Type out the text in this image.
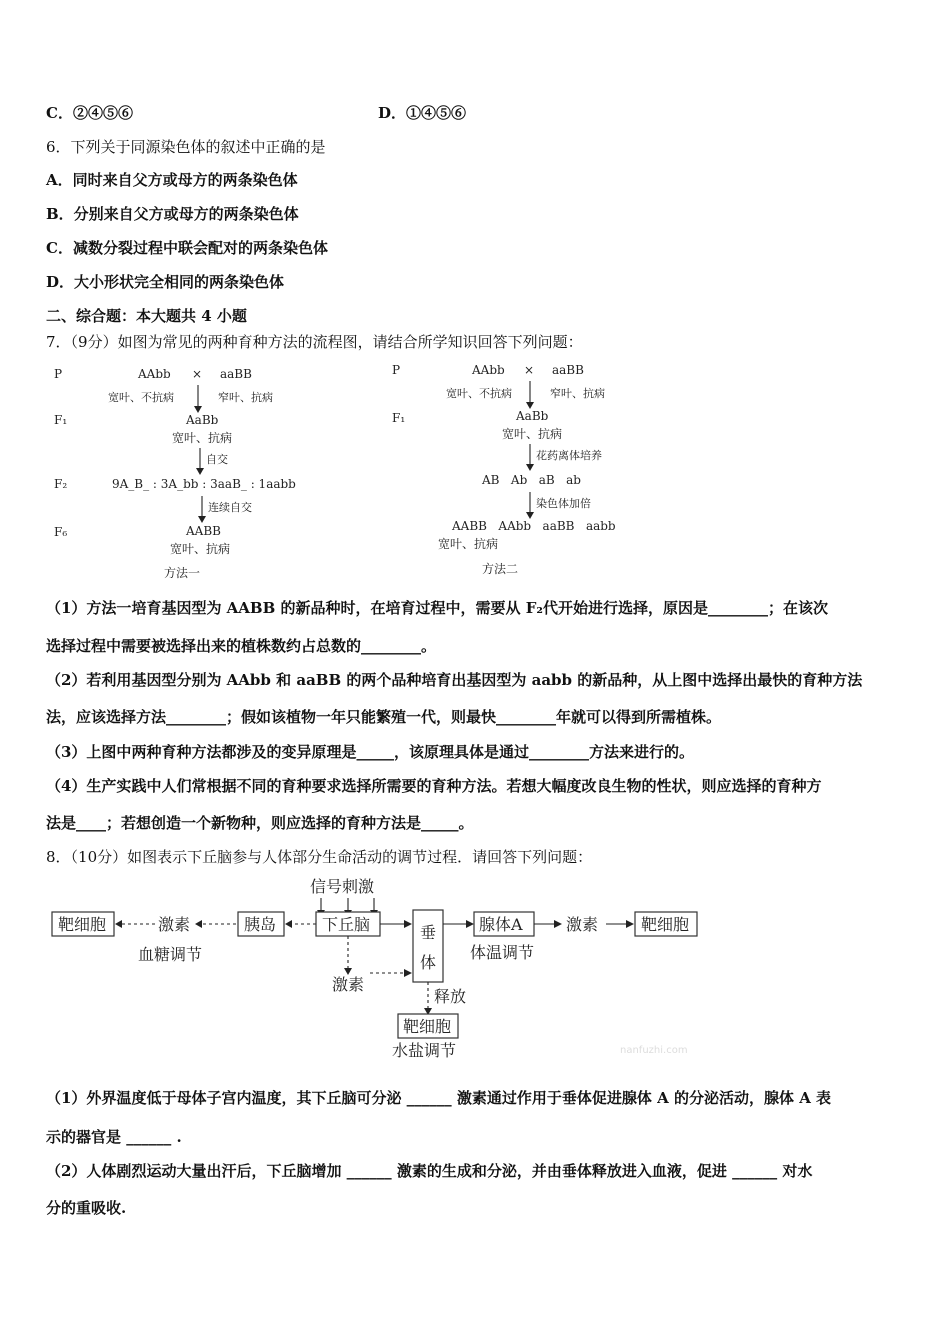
C．②④⑤⑥	D．①④⑤⑥
6．下列关于同源染色体的叙述中正确的是
A．同时来自父方或母方的两条染色体
B．分别来自父方或母方的两条染色体
C．减数分裂过程中联会配对的两条染色体
D．大小形状完全相同的两条染色体
二、综合题：本大题共 4 小题
7．（9分）如图为常见的两种育种方法的流程图，请结合所学知识回答下列问题：
P
F₁
F₂
F₆
AAbb × aaBB
宽叶、不抗病	窄叶、抗病
AaBb
宽叶、抗病
自交
9A_B_ : 3A_bb : 3aaB_ : 1aabb
连续自交
AABB
宽叶、抗病
方法一
P
F₁
AAbb × aaBB
宽叶、不抗病	窄叶、抗病
AaBb
宽叶、抗病
花药离体培养
AB   Ab   aB   ab
染色体加倍
AABB   AAbb   aaBB   aabb
宽叶、抗病
方法二
（1）方法一培育基因型为 AABB 的新品种时，在培育过程中，需要从 F₂代开始进行选择，原因是________；在该次
选择过程中需要被选择出来的植株数约占总数的________。
（2）若利用基因型分别为 AAbb 和 aaBB 的两个品种培育出基因型为 aabb 的新品种，从上图中选择出最快的育种方法
法，应该选择方法________；假如该植物一年只能繁殖一代，则最快________年就可以得到所需植株。
（3）上图中两种育种方法都涉及的变异原理是_____，该原理具体是通过________方法来进行的。
（4）生产实践中人们常根据不同的育种要求选择所需要的育种方法。若想大幅度改良生物的性状，则应选择的育种方
法是____；若想创造一个新物种，则应选择的育种方法是_____。
8．（10分）如图表示下丘脑参与人体部分生命活动的调节过程．请回答下列问题：
信号刺激
靶细胞	激素
血糖调节
胰岛	下丘脑
激素
垂
体
释放
靶细胞
水盐调节
腺体A
体温调节
激素	靶细胞
nanfuzhi.com
（1）外界温度低于母体子宫内温度，其下丘脑可分泌 ______ 激素通过作用于垂体促进腺体 A 的分泌活动，腺体 A 表
示的器官是 ______ .
（2）人体剧烈运动大量出汗后，下丘脑增加 ______ 激素的生成和分泌，并由垂体释放进入血液，促进 ______ 对水
分的重吸收.
